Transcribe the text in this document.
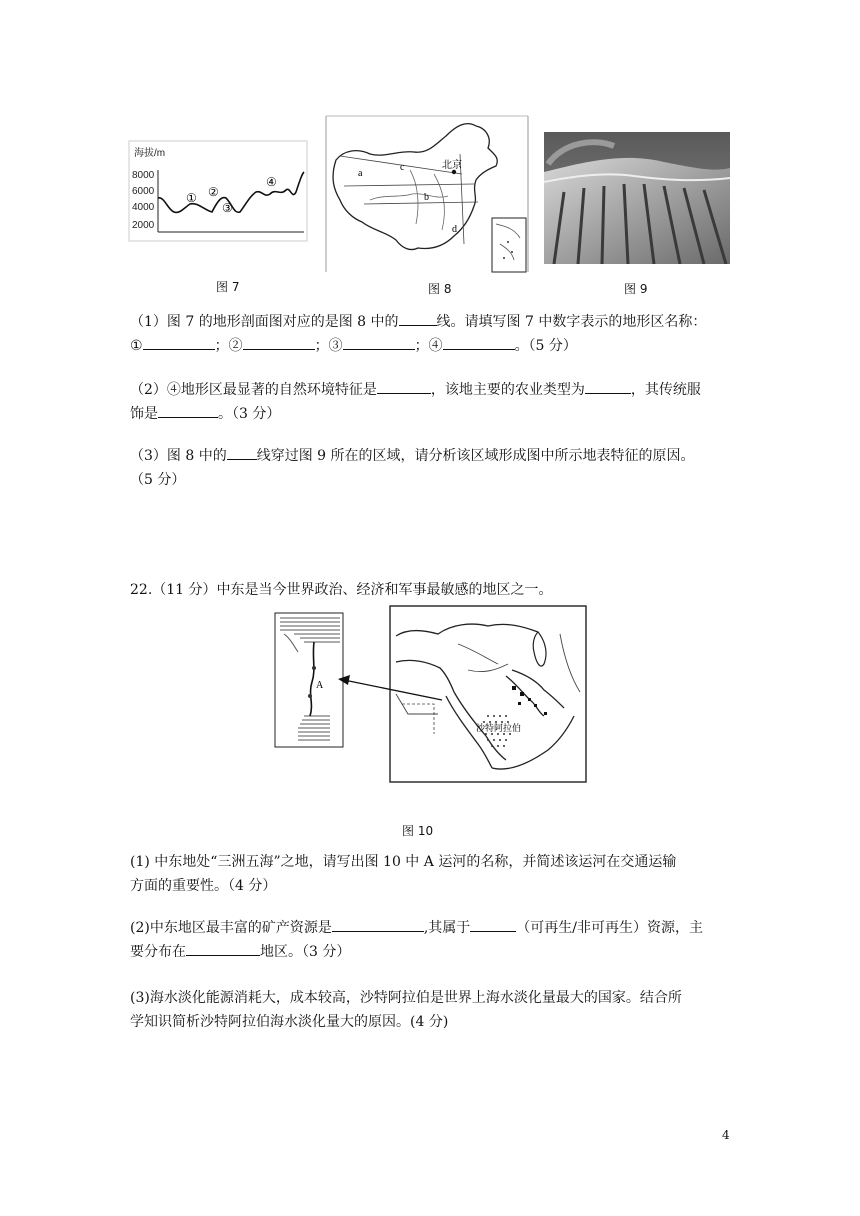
海拔/m
8000
6000
4000
2000
① ②
③
④
图 7
a
b
c
d
北京
图 8	图 9
（1）图 7 的地形剖面图对应的是图 8 中的	线。请填写图 7 中数字表示的地形区名称：
①	；②	；③	；④	。（5 分）
（2）④地形区最显著的自然环境特征是	，该地主要的农业类型为	，其传统服
饰是	。（3 分）
（3）图 8 中的 线穿过图 9 所在的区域，请分析该区域形成图中所示地表特征的原因。
（5 分）
22.（11 分）中东是当今世界政治、经济和军事最敏感的地区之一。
A
沙特阿拉伯
图 10
(1) 中东地处“三洲五海”之地，请写出图 10 中 A 运河的名称，并简述该运河在交通运输
方面的重要性。（4 分）
(2)中东地区最丰富的矿产资源是	,其属于	（可再生/非可再生）资源，主
要分布在	地区。（3 分）
(3)海水淡化能源消耗大，成本较高，沙特阿拉伯是世界上海水淡化量最大的国家。结合所
学知识简析沙特阿拉伯海水淡化量大的原因。(4 分)
4
